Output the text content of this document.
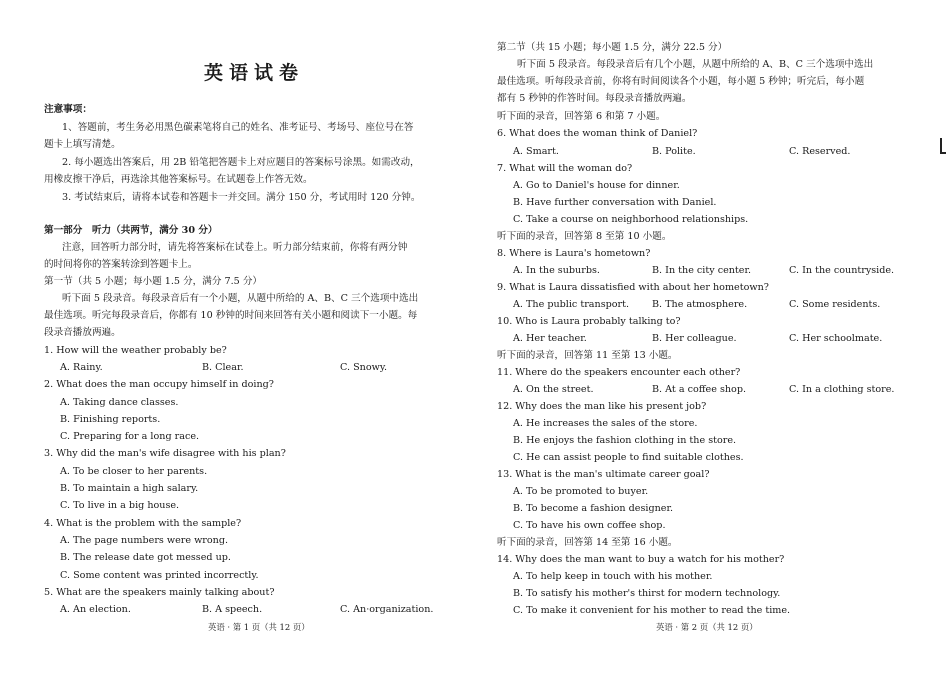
英语试卷
注意事项：
1、答题前，考生务必用黑色碳素笔将自己的姓名、准考证号、考场号、座位号在答
题卡上填写清楚。
2. 每小题选出答案后，用 2B 铅笔把答题卡上对应题目的答案标号涂黑。如需改动，
用橡皮擦干净后，再选涂其他答案标号。在试题卷上作答无效。
3. 考试结束后，请将本试卷和答题卡一并交回。满分 150 分，考试用时 120 分钟。
第一部分　听力（共两节，满分 30 分）
注意，回答听力部分时，请先将答案标在试卷上。听力部分结束前，你将有两分钟
的时间将你的答案转涂到答题卡上。
第一节（共 5 小题；每小题 1.5 分，满分 7.5 分）
听下面 5 段录音。每段录音后有一个小题，从题中所给的 A、B、C 三个选项中选出
最佳选项。听完每段录音后，你都有 10 秒钟的时间来回答有关小题和阅读下一小题。每
段录音播放两遍。
1. How will the weather probably be?
A. Rainy.	B. Clear.	C. Snowy.
2. What does the man occupy himself in doing?
A. Taking dance classes.
B. Finishing reports.
C. Preparing for a long race.
3. Why did the man's wife disagree with his plan?
A. To be closer to her parents.
B. To maintain a high salary.
C. To live in a big house.
4. What is the problem with the sample?
A. The page numbers were wrong.
B. The release date got messed up.
C. Some content was printed incorrectly.
5. What are the speakers mainly talking about?
A. An election.	B. A speech.	C. An·organization.
英语 · 第 1 页（共 12 页）
第二节（共 15 小题；每小题 1.5 分，满分 22.5 分）
听下面 5 段录音。每段录音后有几个小题，从题中所给的 A、B、C 三个选项中选出
最佳选项。听每段录音前，你将有时间阅读各个小题，每小题 5 秒钟；听完后，每小题
都有 5 秒钟的作答时间。每段录音播放两遍。
听下面的录音，回答第 6 和第 7 小题。
6. What does the woman think of Daniel?
A. Smart.	B. Polite.	C. Reserved.
7. What will the woman do?
A. Go to Daniel's house for dinner.
B. Have further conversation with Daniel.
C. Take a course on neighborhood relationships.
听下面的录音，回答第 8 至第 10 小题。
8. Where is Laura's hometown?
A. In the suburbs.	B. In the city center.	C. In the countryside.
9. What is Laura dissatisfied with about her hometown?
A. The public transport. B. The atmosphere.	C. Some residents.
10. Who is Laura probably talking to?
A. Her teacher.	B. Her colleague.	C. Her schoolmate.
听下面的录音，回答第 11 至第 13 小题。
11. Where do the speakers encounter each other?
A. On the street.	B. At a coffee shop.	C. In a clothing store.
12. Why does the man like his present job?
A. He increases the sales of the store.
B. He enjoys the fashion clothing in the store.
C. He can assist people to find suitable clothes.
13. What is the man's ultimate career goal?
A. To be promoted to buyer.
B. To become a fashion designer.
C. To have his own coffee shop.
听下面的录音，回答第 14 至第 16 小题。
14. Why does the man want to buy a watch for his mother?
A. To help keep in touch with his mother.
B. To satisfy his mother's thirst for modern technology.
C. To make it convenient for his mother to read the time.
英语 · 第 2 页（共 12 页）
